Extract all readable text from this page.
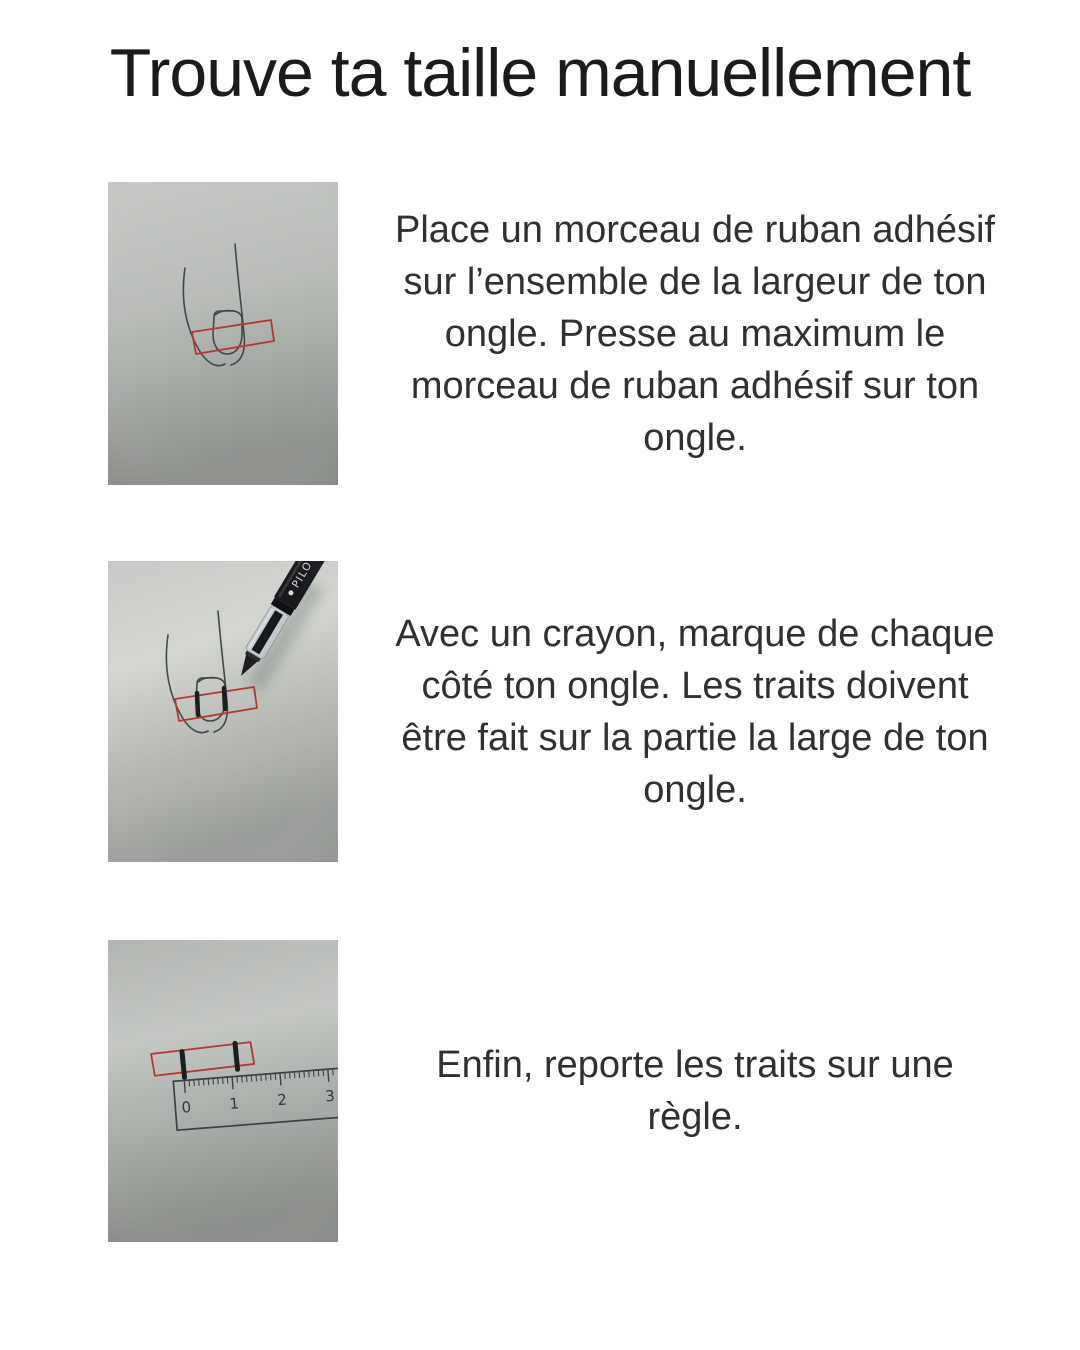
Trouve ta taille manuellement
Place un morceau de ruban adhésif
sur l’ensemble de la largeur de ton
ongle. Presse au maximum le
morceau de ruban adhésif sur ton
ongle.
Avec un crayon, marque de chaque
côté ton ongle. Les traits doivent
être fait sur la partie la large de ton
ongle.
Enfin, reporte les traits sur une
règle.
